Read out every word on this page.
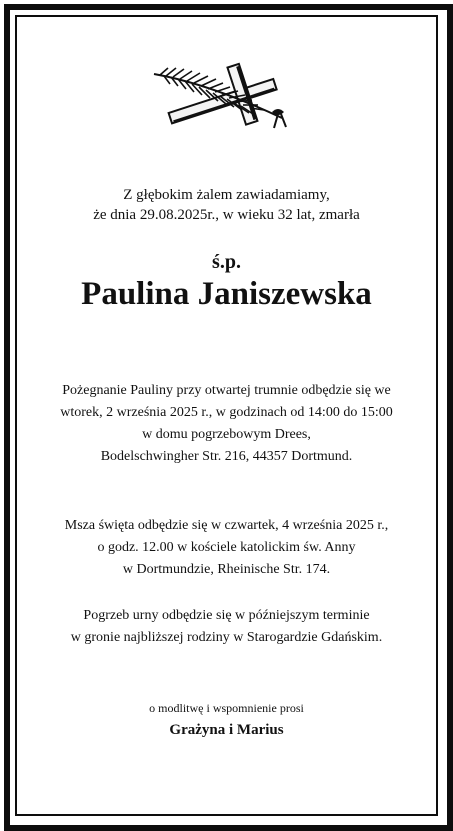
Z głębokim żalem zawiadamiamy,
że dnia 29.08.2025r., w wieku 32 lat, zmarła

ś.p.

Paulina Janiszewska

Pożegnanie Pauliny przy otwartej trumnie odbędzie się we
wtorek, 2 września 2025 r., w godzinach od 14:00 do 15:00
w domu pogrzebowym Drees,
Bodelschwingher Str. 216, 44357 Dortmund.

Msza święta odbędzie się w czwartek, 4 września 2025 r.,
o godz. 12.00 w kościele katolickim św. Anny
w Dortmundzie, Rheinische Str. 174.

Pogrzeb urny odbędzie się w późniejszym terminie
w gronie najbliższej rodziny w Starogardzie Gdańskim.

o modlitwę i wspomnienie prosi

Grażyna i Marius
